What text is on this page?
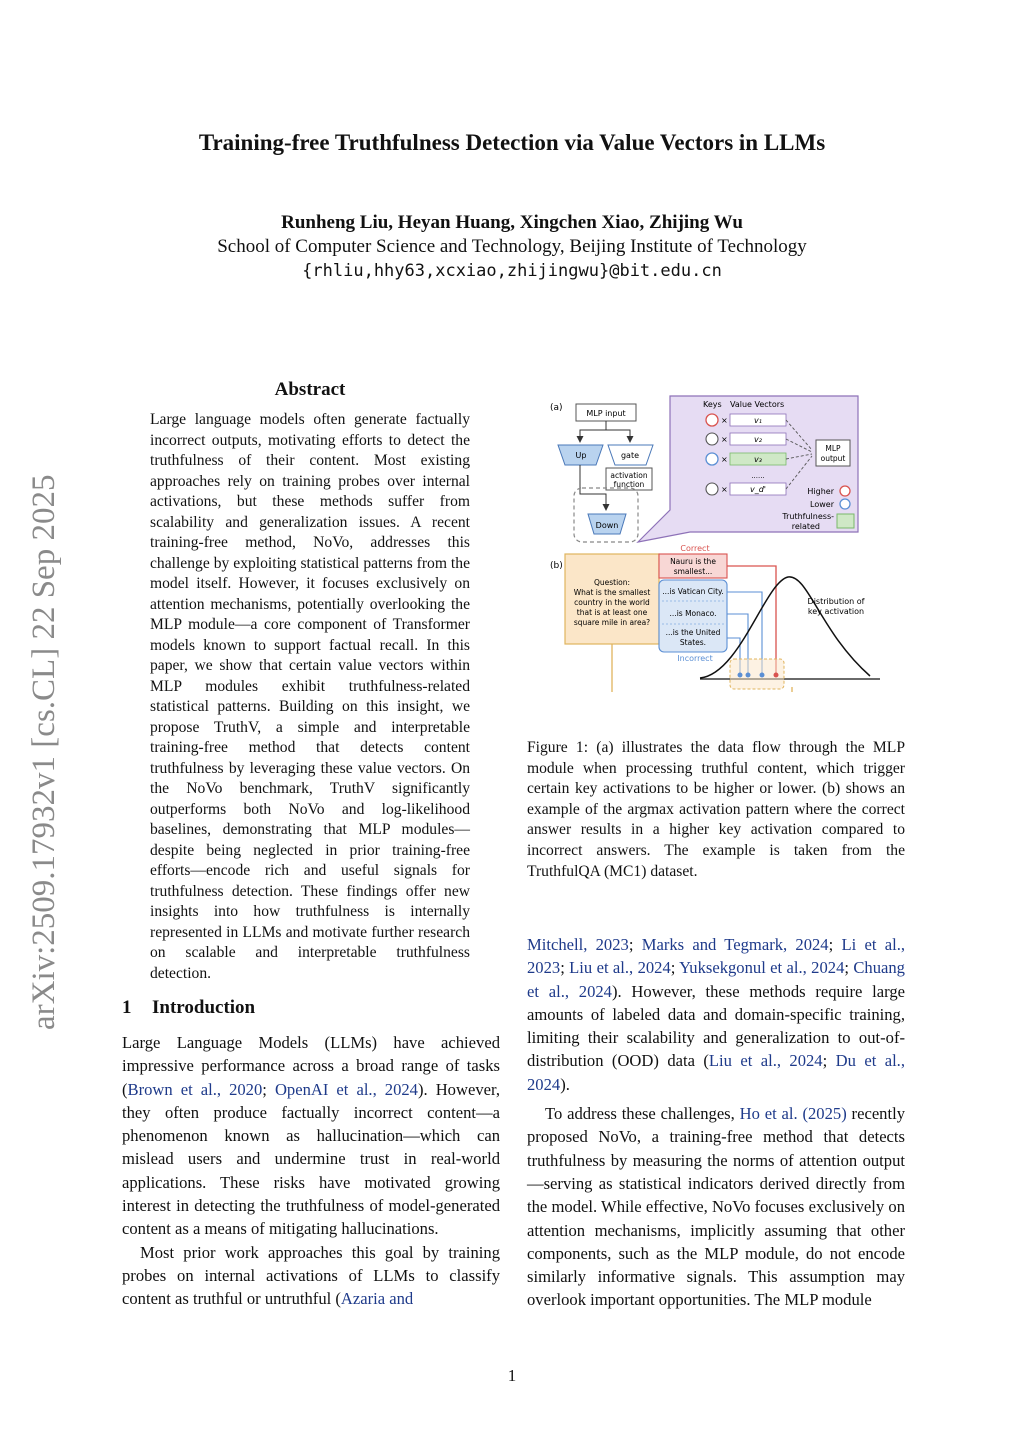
Training-free Truthfulness Detection via Value Vectors in LLMs
Runheng Liu, Heyan Huang, Xingchen Xiao, Zhijing Wu
School of Computer Science and Technology, Beijing Institute of Technology
{rhliu,hhy63,xcxiao,zhijingwu}@bit.edu.cn
arXiv:2509.17932v1 [cs.CL] 22 Sep 2025
Abstract
Large language models often generate factually incorrect outputs, motivating efforts to detect the truthfulness of their content. Most existing approaches rely on training probes over internal activations, but these methods suffer from scalability and generalization issues. A recent training-free method, NoVo, addresses this challenge by exploiting statistical patterns from the model itself. However, it focuses exclusively on attention mechanisms, potentially overlooking the MLP module—a core component of Transformer models known to support factual recall. In this paper, we show that certain value vectors within MLP modules exhibit truthfulness-related statistical patterns. Building on this insight, we propose TruthV, a simple and interpretable training-free method that detects content truthfulness by leveraging these value vectors. On the NoVo benchmark, TruthV significantly outperforms both NoVo and log-likelihood baselines, demonstrating that MLP modules—despite being neglected in prior training-free efforts—encode rich and useful signals for truthfulness detection. These findings offer new insights into how truthfulness is internally represented in LLMs and motivate further research on scalable and interpretable truthfulness detection.
1 Introduction

Large Language Models (LLMs) have achieved impressive performance across a broad range of tasks (Brown et al., 2020; OpenAI et al., 2024). However, they often produce factually incorrect content—a phenomenon known as hallucination—which can mislead users and undermine trust in real-world applications. These risks have motivated growing interest in detecting the truthfulness of model-generated content as a means of mitigating hallucinations.

Most prior work approaches this goal by training probes on internal activations of LLMs to classify content as truthful or untruthful (Azaria and

(a)
MLP input
Up	gate
activation
function
Down
Keys Value Vectors
×	v₁
×	v₂
×	v₃
......
×	v_d'
MLP
output
Higher
Lower
Truthfulness-
related
(b)
Correct
Question:
What is the smallest
country in the world
that is at least one
square mile in area?
Nauru is the
smallest...
...is Vatican City.
...is Monaco.
...is the United
States.
Incorrect
Distribution of
key activation
Figure 1: (a) illustrates the data flow through the MLP module when processing truthful content, which trigger certain key activations to be higher or lower. (b) shows an example of the argmax activation pattern where the correct answer results in a higher key activation compared to incorrect answers. The example is taken from the TruthfulQA (MC1) dataset.

Mitchell, 2023; Marks and Tegmark, 2024; Li et al., 2023; Liu et al., 2024; Yuksekgonul et al., 2024; Chuang et al., 2024). However, these methods require large amounts of labeled data and domain-specific training, limiting their scalability and generalization to out-of-distribution (OOD) data (Liu et al., 2024; Du et al., 2024).

To address these challenges, Ho et al. (2025) recently proposed NoVo, a training-free method that detects truthfulness by measuring the norms of attention output—serving as statistical indicators derived directly from the model. While effective, NoVo focuses exclusively on attention mechanisms, implicitly assuming that other components, such as the MLP module, do not encode similarly informative signals. This assumption may overlook important opportunities. The MLP module

1
